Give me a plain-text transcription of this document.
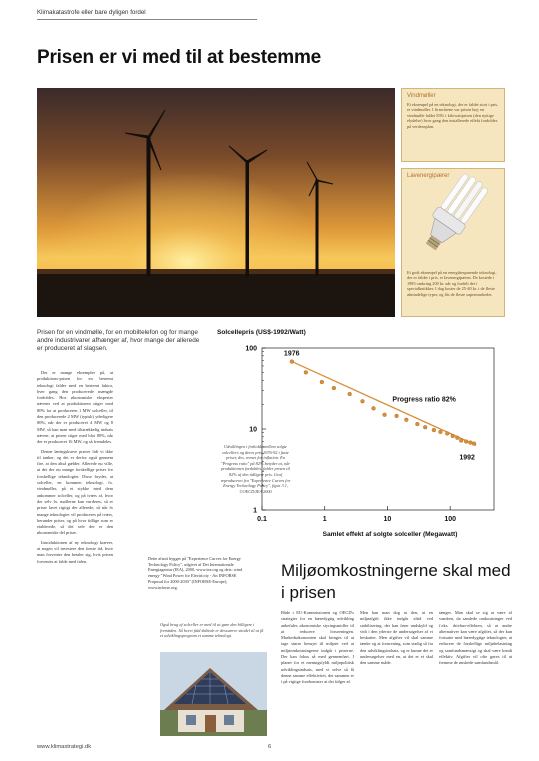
Klimakatastrofe eller bare dyligen fordel
Prisen er vi med til at bestemme
Vindmøller
Et eksempel på en teknologi, der er faldet stort i pris, er vindmøller. I firserårene var prisen høj; en vindmølle faldet 83% i kilowattprisen (den nyttige elydelse) hvor gang den installerede effekt fordobles på verdensplan.
Lavenergipærer
Et godt eksempel på en energibesparende teknologi, der er faldet i pris, er lavenergipæren. De kostede i 1985 omkring 200 kr. når og fordelt det i specialbutikker. I dag koster de 25-40 kr. i de fleste almindelige typer, og fås de fleste supermarkeder.
Prisen for en vindmølle, for en mobiltelefon og for mange andre industrivarer afhænger af, hvor mange der allerede er produceret af slagsen.

Der er mange eksempler på, at produktions-prisen for en bestemt teknologi falder med en bestemt faktor, hver gang den producerede mængde fordobles. Hos økonomiske eksperter nævnes ved at produktionen stiger med 80% for at produceren 1 MW solceller, til den producerede 2 MW (typisk) yderligere 80%, når der er produceret 4 MW og 8 MW, så kan man med tilstrækkelig indsats nævne, at prisen stiger med blot 80%, når der er produceret 16 MW, og så fremdeles.

Denne læringskurve prøver lidt vi ikke til tanker, og det er derfor også gennem fire, at den altså gælder. Allerede nu ville, at det der nu mange forskellige priser for forskellige teknologier. Disse bryder, at solceller, en kommen teknologi, fx. vindmøller, på et stykke med dem ankommer solceller, og på tværs af, hvor der selv fx. møllerne kan vurderes, så er priser lavet rigtigt der allerede, så når fx mange teknologier vil produceres på tværs, herunder priser, og på hvor tidlige som er etablerede, så det selv der er den økonomiske del priser.

Introduktionen af ny teknologi kræver, at nogen vil investere den første tid, hvor man forventer den betaler sig, hvis prisen forventes at falde med tiden.

Dette afsnit bygger på "Experience Curves for Energy Technology Policy", udgivet af Det Internationale Energiagentur (IEA), 2000, www.iea.org og dets: wind energy "Wind Power for Electricity - An INFORSE Proposal for 2000-2030" (INFORSE-Europe), www.inforse.org.
Også brug af solceller er med til at gøre den billigere i fremtiden. Så hvert fald skibede er dessværre sitodel til at få et udviklingsprogram et samme teknologi.
Solcellepris (US$-1992/Watt)
1
10
100
0.1	1	10	100
1976
Progress ratio 82%
1992
Samlet effekt af solgte solceller (Megawatt)
Udviklingen i forholdt mellem solgte solcellers og deres pris 1976-92 i faste priser, dvs. renset for inflation. En "Progress ratio" på 82% betyder at, når produktionen fordobles, falder prisen til 82% af den tidligere pris. Graf reproduceret fra "Experience Curves for Energy Technology Policy", figur 3.1, ©OECD/IEA 2000
Miljøomkostningerne skal med i prisen
Både i EU-Kommissionen og OECD's strategier for en bæredygtig udvikling anbefales økonomiske styringsmidler til at reducere forureningen. Markedsøkonomien skal bringes til at tage større hensyn til miljøet ved at miljøomkostningerne indgår i priserne. Der kan fokus så med gennemført. I planer for et meningsfyldt miljøpolitisk udviklingsindsats, med vi selve så få denne samme effektivitet, det sammen er i på vigtige forekomster at det følger af.
Men kan man dog at den, at en miljøafgift ikke indgår altid ved stabilisering, der kan fører undskyld og vidt i den yderste de undersøgelser af vi beskatter. Men afgifter vil skal samme tænke og at forurening, som stadig så fra den udviklingsindsats, og er kunne det er undersøgelser med en, at det er et skal den samme måde.
tænger. Man skal se sig at være af vandren, da samlede omkostninger ved f.eks. drivhus-effekten, så at andre alternativer kan være afgiftet, så der kan fortsatte med bæredygtige teknologier, at reducere de forskellige miljøbelastning og samfundsmæssigt og skal være kendt effektiv. Afgifter vil ofte gøres til at fremme de ønskede samfundsmål.
www.klimastrategi.dk	6
